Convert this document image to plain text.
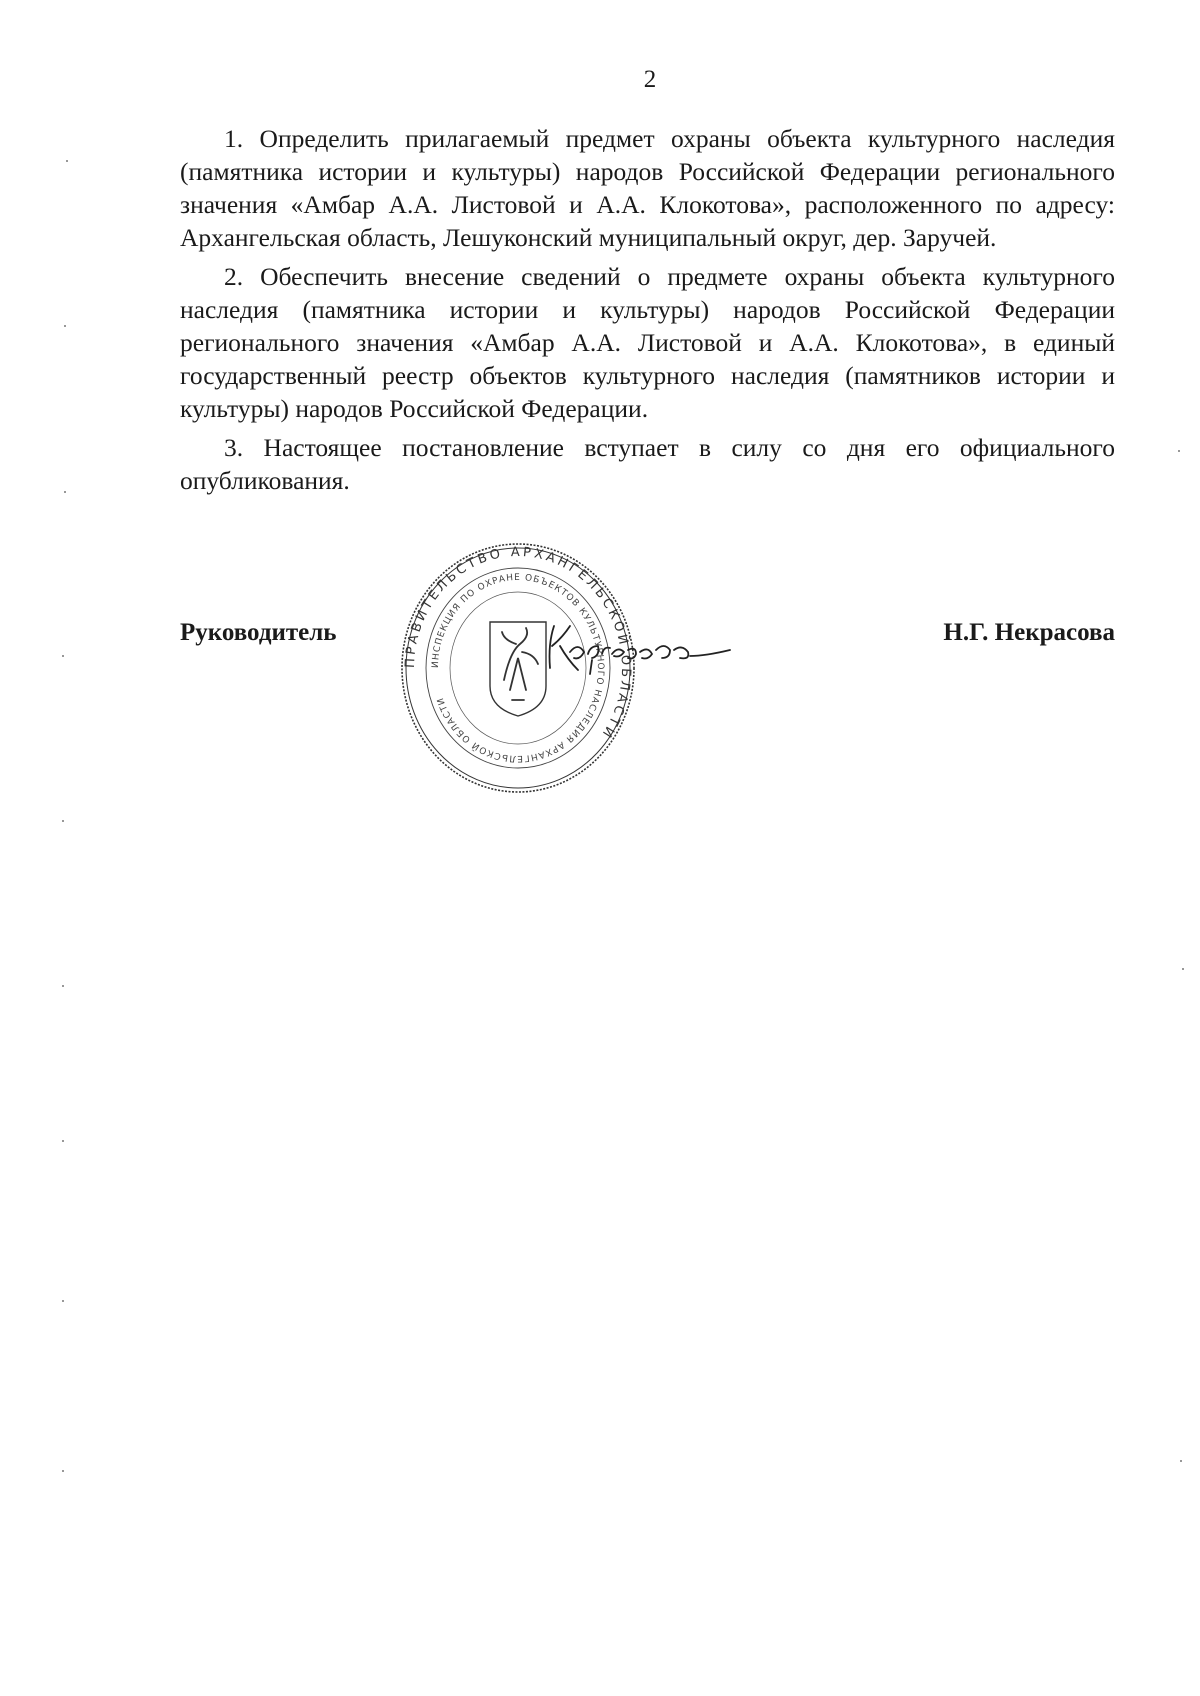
2

1. Определить прилагаемый предмет охраны объекта культурного наследия (памятника истории и культуры) народов Российской Федерации регионального значения «Амбар А.А. Листовой и А.А. Клокотова», расположенного по адресу: Архангельская область, Лешуконский муниципальный округ, дер. Заручей.

2. Обеспечить внесение сведений о предмете охраны объекта культурного наследия (памятника истории и культуры) народов Российской Федерации регионального значения «Амбар А.А. Листовой и А.А. Клокотова», в единый государственный реестр объектов культурного наследия (памятников истории и культуры) народов Российской Федерации.

3. Настоящее постановление вступает в силу со дня его официального опубликования.

Руководитель
ПРАВИТЕЛЬСТВО АРХАНГЕЛЬСКОЙ ОБЛАСТИ
ИНСПЕКЦИЯ ПО ОХРАНЕ ОБЪЕКТОВ КУЛЬТУРНОГО НАСЛЕДИЯ АРХАНГЕЛЬСКОЙ ОБЛАСТИ
Н.Г. Некрасова
